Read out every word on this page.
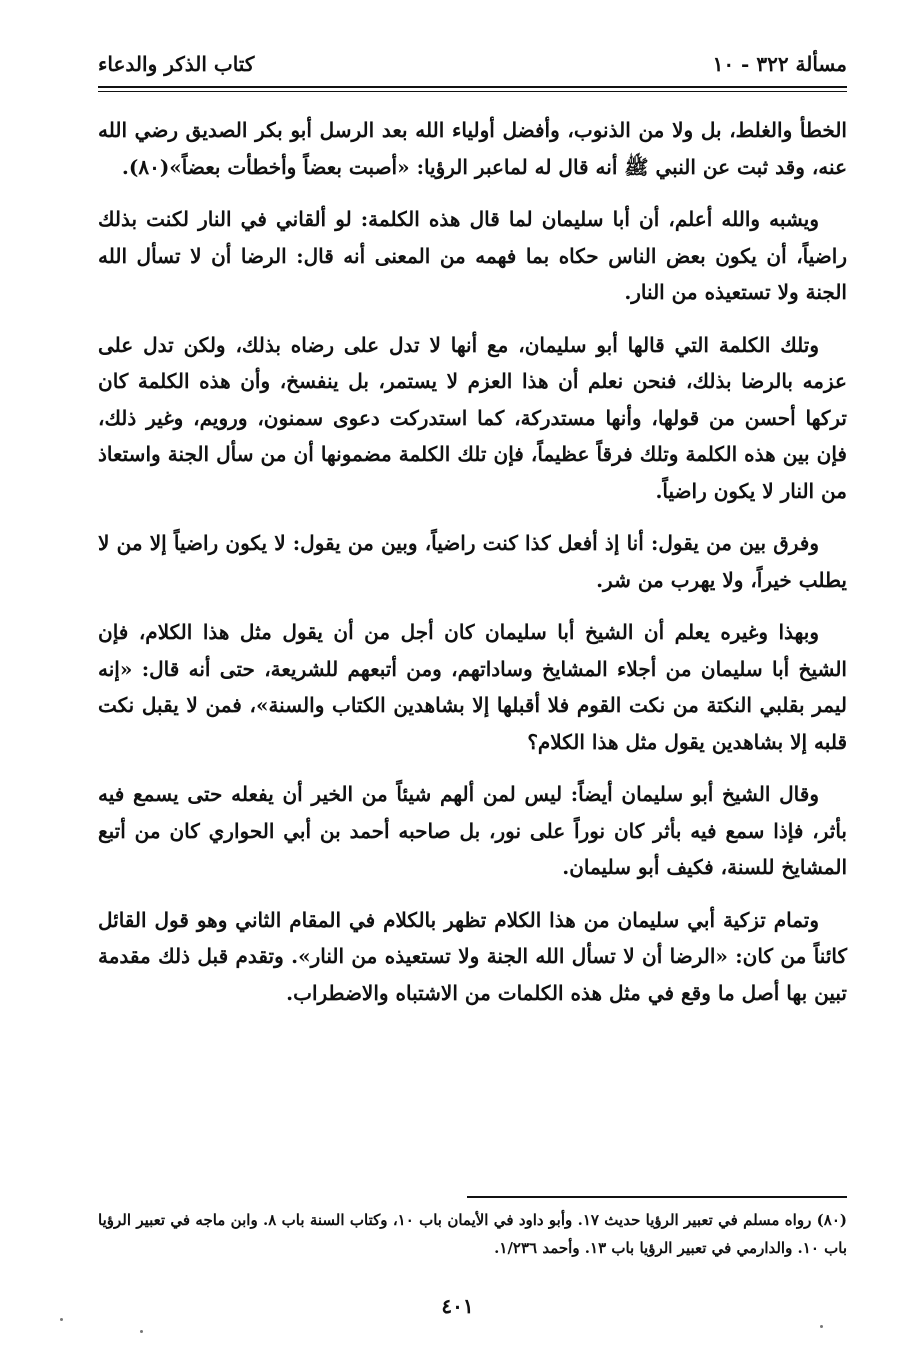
كتاب الذكر والدعاء	مسألة ٣٢٢ - ١٠

الخطأ والغلط، بل ولا من الذنوب، وأفضل أولياء الله بعد الرسل أبو بكر الصديق رضي الله عنه، وقد ثبت عن النبي ﷺ أنه قال له لماعبر الرؤيا: «أصبت بعضاً وأخطأت بعضاً»(٨٠).

ويشبه والله أعلم، أن أبا سليمان لما قال هذه الكلمة: لو ألقاني في النار لكنت بذلك راضياً، أن يكون بعض الناس حكاه بما فهمه من المعنى أنه قال: الرضا أن لا تسأل الله الجنة ولا تستعيذه من النار.

وتلك الكلمة التي قالها أبو سليمان، مع أنها لا تدل على رضاه بذلك، ولكن تدل على عزمه بالرضا بذلك، فنحن نعلم أن هذا العزم لا يستمر، بل ينفسخ، وأن هذه الكلمة كان تركها أحسن من قولها، وأنها مستدركة، كما استدركت دعوى سمنون، ورويم، وغير ذلك، فإن بين هذه الكلمة وتلك فرقاً عظيماً، فإن تلك الكلمة مضمونها أن من سأل الجنة واستعاذ من النار لا يكون راضياً.

وفرق بين من يقول: أنا إذ أفعل كذا كنت راضياً، وبين من يقول: لا يكون راضياً إلا من لا يطلب خيراً، ولا يهرب من شر.

وبهذا وغيره يعلم أن الشيخ أبا سليمان كان أجل من أن يقول مثل هذا الكلام، فإن الشيخ أبا سليمان من أجلاء المشايخ وساداتهم، ومن أتبعهم للشريعة، حتى أنه قال: «إنه ليمر بقلبي النكتة من نكت القوم فلا أقبلها إلا بشاهدين الكتاب والسنة»، فمن لا يقبل نكت قلبه إلا بشاهدين يقول مثل هذا الكلام؟

وقال الشيخ أبو سليمان أيضاً: ليس لمن ألهم شيئاً من الخير أن يفعله حتى يسمع فيه بأثر، فإذا سمع فيه بأثر كان نوراً على نور، بل صاحبه أحمد بن أبي الحواري كان من أتبع المشايخ للسنة، فكيف أبو سليمان.

وتمام تزكية أبي سليمان من هذا الكلام تظهر بالكلام في المقام الثاني وهو قول القائل كائناً من كان: «الرضا أن لا تسأل الله الجنة ولا تستعيذه من النار». وتقدم قبل ذلك مقدمة تبين بها أصل ما وقع في مثل هذه الكلمات من الاشتباه والاضطراب.

(٨٠) رواه مسلم في تعبير الرؤيا حديث ١٧. وأبو داود في الأيمان باب ١٠، وكتاب السنة باب ٨. وابن ماجه في تعبير الرؤيا باب ١٠. والدارمي في تعبير الرؤيا باب ١٣. وأحمد ١/٢٣٦.
٤٠١
